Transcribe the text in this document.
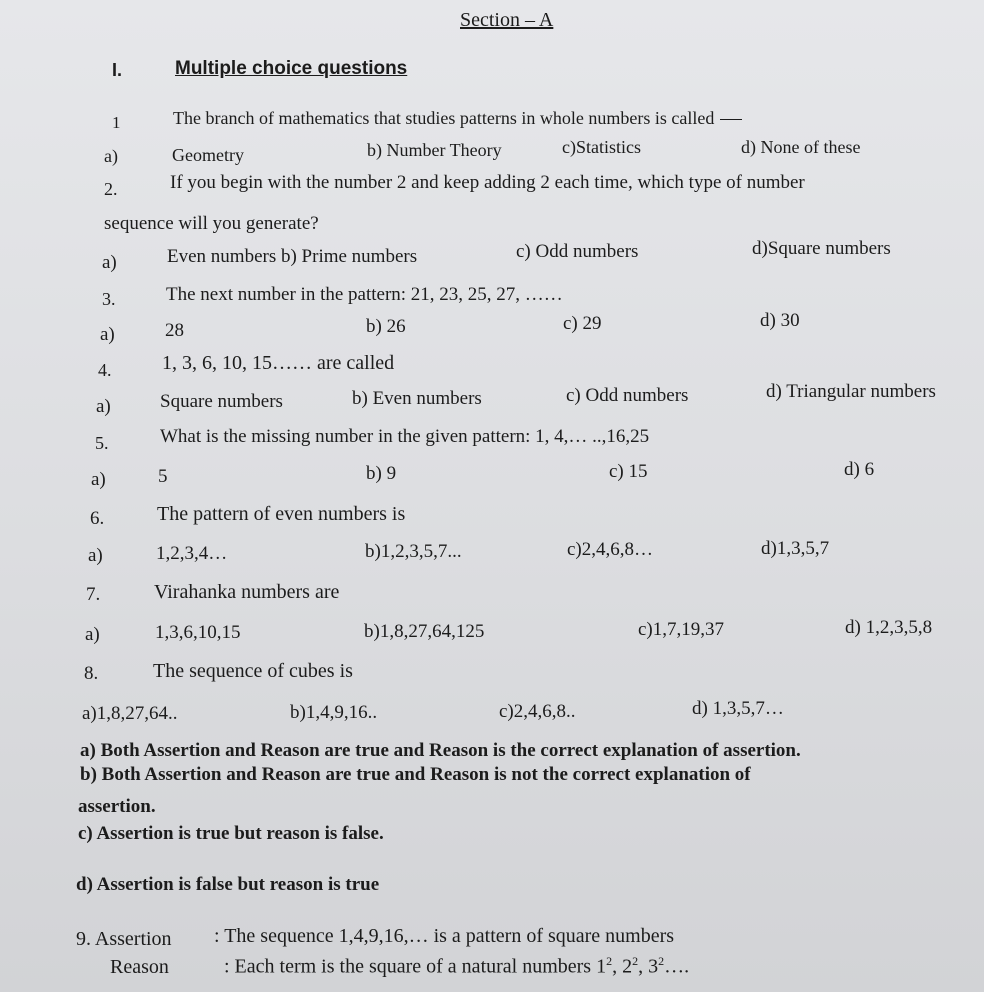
Section – A
I.	Multiple choice questions
1	The branch of mathematics that studies patterns in whole numbers is called
a)	Geometry	b) Number Theory	c)Statistics	d) None of these
2.	If you begin with the number 2 and keep adding 2 each time, which type of number
sequence will you generate?
a)	Even numbers b) Prime numbers	c) Odd numbers	d)Square numbers
3.	The next number in the pattern: 21, 23, 25, 27, ……
a)	28	b) 26	c) 29	d) 30
4.	1, 3, 6, 10, 15…… are called
a)	Square numbers	b) Even numbers	c) Odd numbers	d) Triangular numbers
5.	What is the missing number in the given pattern: 1, 4,… ..,16,25
a)	5	b) 9	c) 15	d) 6
6.	The pattern of even numbers is
a)	1,2,3,4…	b)1,2,3,5,7...	c)2,4,6,8…	d)1,3,5,7
7.	Virahanka numbers are
a)	1,3,6,10,15	b)1,8,27,64,125	c)1,7,19,37	d) 1,2,3,5,8
8.	The sequence of cubes is
a)1,8,27,64..	b)1,4,9,16..	c)2,4,6,8..	d) 1,3,5,7…
a) Both Assertion and Reason are true and Reason is the correct explanation of assertion.
b) Both Assertion and Reason are true and Reason is not the correct explanation of
assertion.
c) Assertion is true but reason is false.
d) Assertion is false but reason is true
9. Assertion : The sequence 1,4,9,16,… is a pattern of square numbers
Reason	: Each term is the square of a natural numbers $1^2$, $2^2$, $3^2\dots$.
